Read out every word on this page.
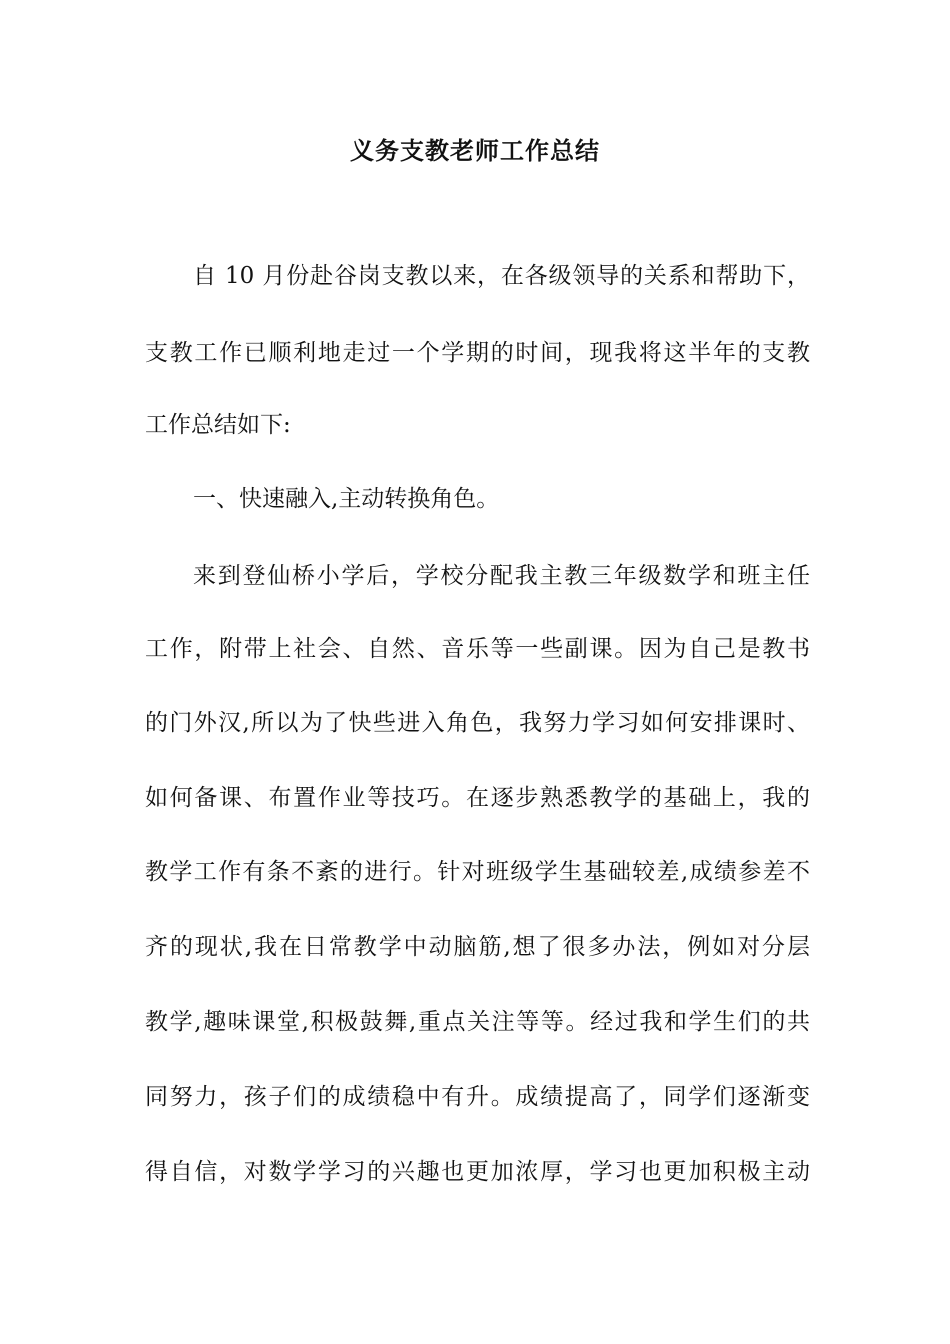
义务支教老师工作总结
自 10 月份赴谷岗支教以来，在各级领导的关系和帮助下，
支教工作已顺利地走过一个学期的时间，现我将这半年的支教
工作总结如下:
一、快速融入,主动转换角色。
来到登仙桥小学后，学校分配我主教三年级数学和班主任
工作，附带上社会、自然、音乐等一些副课。因为自己是教书
的门外汉,所以为了快些进入角色，我努力学习如何安排课时、
如何备课、布置作业等技巧。在逐步熟悉教学的基础上，我的
教学工作有条不紊的进行。针对班级学生基础较差,成绩参差不
齐的现状,我在日常教学中动脑筋,想了很多办法，例如对分层
教学,趣味课堂,积极鼓舞,重点关注等等。经过我和学生们的共
同努力，孩子们的成绩稳中有升。成绩提高了，同学们逐渐变
得自信，对数学学习的兴趣也更加浓厚，学习也更加积极主动
